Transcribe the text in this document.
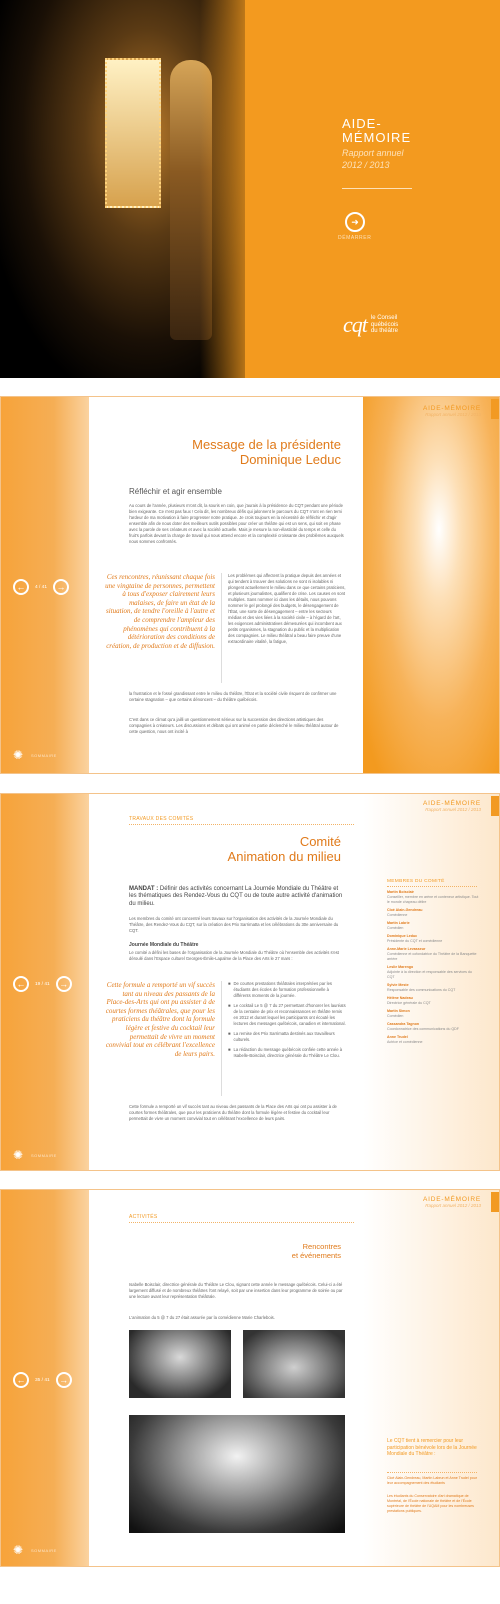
AIDE-
MÉMOIRE
Rapport annuel
2012 / 2013
➜
DÉMARRER
cqt le Conseil
québécois
du théâtre
← 4 / 41 →
✺ SOMMAIRE
AIDE-MÉMOIRE
Rapport annuel 2012 / 2013
Message de la présidente
Dominique Leduc
Réfléchir et agir ensemble

Au cours de l'année, plusieurs m'ont dit, la souris en coin, que j'aurais à la présidence du CQT pendant une période bien exigeante. Ce n'est pas faux ! Cela dit, les nombreux défis qui jalonnent le parcours du CQT n'ont en rien terni l'ardeur de ma motivation à faire progresser notre pratique. Je crois toujours en la nécessité de réfléchir et d'agir ensemble afin de nous doter des meilleurs outils possibles pour créer un théâtre qui est un sens, qui soit en phase avec la parole de ses créateurs et avec la société actuelle. Mais je mesure la non-élasticité du temps et celle du fruit's parfois devant la charge de travail qui nous attend encore et la complexité croissante des problèmes auxquels nous sommes confrontés.

Ces rencontres, réunissant chaque fois une vingtaine de personnes, permettent à tous d'exposer clairement leurs malaises, de faire un état de la situation, de tendre l'oreille à l'autre et de comprendre l'ampleur des phénomènes qui contribuent à la détérioration des conditions de création, de production et de diffusion.

Les problèmes qui affectent la pratique depuis des années et qui tendent à trouver des solutions ne sont ni isolables ni plongent actuellement le milieu dans ce que certains praticiens, et plusieurs journalistes, qualifient de crise. Les causes en sont multiples. Sans nommer ici dans les détails, nous pouvons nommer le gel prolongé des budgets, le désengagement de l'État, une sorte de désengagement – entre les secteurs médias et des vies liées à la société civile – à l'égard de l'art, les exigences administratives démesurées qui incombent aux petits organismes, la stagnation du public et la multiplication des compagnies. Le milieu théâtral a beau faire preuve d'une extraordinaire vitalité, la fatigue,

la frustration et le fossé grandissant entre le milieu du théâtre, l'État et la société civile risquent de confirmer une certaine stagnation – que certains dénoncent – du théâtre québécois.

C'est dans ce climat qu'a jailli un questionnement sérieux sur la succession des directions artistiques des compagnies à créateurs. Les discussions et débats qui ont animé en partie déclenché le milieu théâtral autour de cette question, nous ont incité à

← 19 / 41 →
✺ SOMMAIRE
AIDE-MÉMOIRE
Rapport annuel 2012 / 2013
TRAVAUX DES COMITÉS
Comité
Animation du milieu

MANDAT : Définir des activités concernant La Journée Mondiale du Théâtre et les thématiques des Rendez-Vous du CQT ou de toute autre activité d'animation du milieu.

Les membres du comité ont concentré leurs travaux sur l'organisation des activités de la Journée Mondiale du Théâtre, des Rendez-Vous du CQT, sur la création des Prix Sarrimatta et les célébrations du 30e anniversaire du CQT.

Journée Mondiale du Théâtre

Le comité a défini les bases de l'organisation de la Journée Mondiale du Théâtre où l'ensemble des activités s'est déroulé dans l'Espace culturel Georges-Émile-Lapalme de la Place des Arts le 27 mars :

Cette formule a remporté un vif succès tant au niveau des passants de la Place-des-Arts qui ont pu assister à de courtes formes théâtrales, que pour les praticiens du théâtre dont la formule légère et festive du cocktail leur permettait de vivre un moment convivial tout en célébrant l'excellence de leurs pairs.

■ De courtes prestations théâtrales interprétées par les étudiants des écoles de formation professionnelle à différents moments de la journée.
■ Le cocktail Le 5 @ 7 du 27 permettant d'honorer les lauréats de la centaine de prix et reconnaissances en théâtre remis en 2012 et durant lequel les participants ont écouté les lectures des messages québécois, canadien et international.
■ La remise des Prix Sarrimatta destinés aux travailleurs culturels.
■ La rédaction du message québécois confiée cette année à Isabelle-Boisclair, directrice générale du Théâtre Le Clou.

Cette formule a remporté un vif succès tant au niveau des passants de la Place des Arts qui ont pu assister à de courtes formes théâtrales, que pour les praticiens du théâtre dont la formule légère et festive du cocktail leur permettait de vivre un moment convivial tout en célébrant l'excellence de leurs pairs.

MEMBRES DU COMITÉ
Martin Boisclair
Conseiller, membre en arène et conteneur artistique. Tout le monde chapeau délire
Cloé Alain-Gendreau
Comédienne
Martin Labrie
Comédien
Dominique Leduc
Présidente du CQT et comédienne
Anne-Marie Levasseur
Comédienne et cofondatrice du Théâtre de la Banquette arrière
Leslie Marengo
Adjointe à la direction et responsable des services du CQT
Sylvie Meste
Responsable des communications du CQT
Hélène Nadeau
Directrice générale du CQT
Martin Simon
Comédien
Cassandra Tagnon
Coordonnatrice des communications du QDF
Anne Trudel
Actrice et comédienne
← 35 / 41 →
✺ SOMMAIRE
AIDE-MÉMOIRE
Rapport annuel 2012 / 2013
ACTIVITÉS
Rencontres
et événements

Isabelle Boisclair, directrice générale du Théâtre Le Clou, signant cette année le message québécois. Celui-ci a été largement diffusé et de nombreux théâtres l'ont relayé, soit par une insertion dans leur programme de soirée ou par une lecture avant leur représentation théâtrale.

L'animation du 5 @ 7 du 27 était assurée par la comédienne Marie Charlebois.

Le CQT tient à remercier pour leur participation bénévole lors de la Journée Mondiale du Théâtre :

Cloé Alain-Gendreau, Martin Labrun et Anne Trudel pour leur accompagnement des étudiants

Les étudiants du Conservatoire d'art dramatique de Montréal, de l'École nationale de théâtre et de l'École supérieure de théâtre de l'UQAM pour les nombreuses prestations publiques.
